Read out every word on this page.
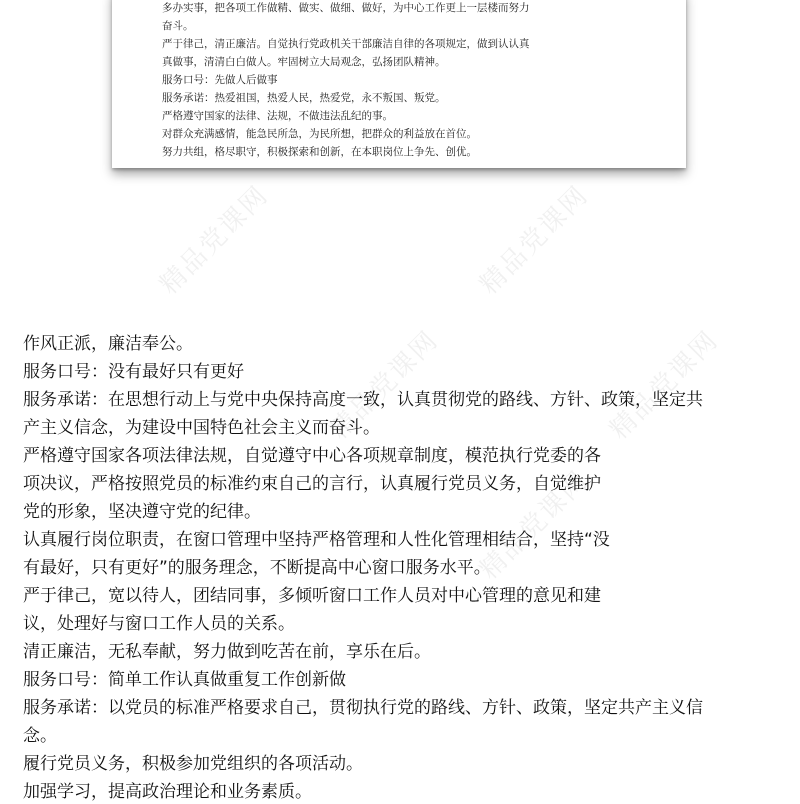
多办实事，把各项工作做精、做实、做细、做好，为中心工作更上一层楼而努力
奋斗。
严于律己，清正廉洁。自觉执行党政机关干部廉洁自律的各项规定，做到认认真
真做事，清清白白做人。牢固树立大局观念，弘扬团队精神。
服务口号：先做人后做事
服务承诺：热爱祖国，热爱人民，热爱党，永不叛国、叛党。
严格遵守国家的法律、法规，不做违法乱纪的事。
对群众充满感情，能急民所急，为民所想，把群众的利益放在首位。
努力共组，格尽职守，积极探索和创新，在本职岗位上争先、创优。
精品党课网	精品党课网
精品党课网	精品党课网
精品党课网
作风正派，廉洁奉公。
服务口号：没有最好只有更好
服务承诺：在思想行动上与党中央保持高度一致，认真贯彻党的路线、方针、政策，坚定共
产主义信念，为建设中国特色社会主义而奋斗。
严格遵守国家各项法律法规，自觉遵守中心各项规章制度，模范执行党委的各
项决议，严格按照党员的标准约束自己的言行，认真履行党员义务，自觉维护
党的形象，坚决遵守党的纪律。
认真履行岗位职责，在窗口管理中坚持严格管理和人性化管理相结合，坚持“没
有最好，只有更好”的服务理念，不断提高中心窗口服务水平。
严于律己，宽以待人，团结同事，多倾听窗口工作人员对中心管理的意见和建
议，处理好与窗口工作人员的关系。
清正廉洁，无私奉献，努力做到吃苦在前，享乐在后。
服务口号：简单工作认真做重复工作创新做
服务承诺：以党员的标准严格要求自己，贯彻执行党的路线、方针、政策，坚定共产主义信
念。
履行党员义务，积极参加党组织的各项活动。
加强学习，提高政治理论和业务素质。
